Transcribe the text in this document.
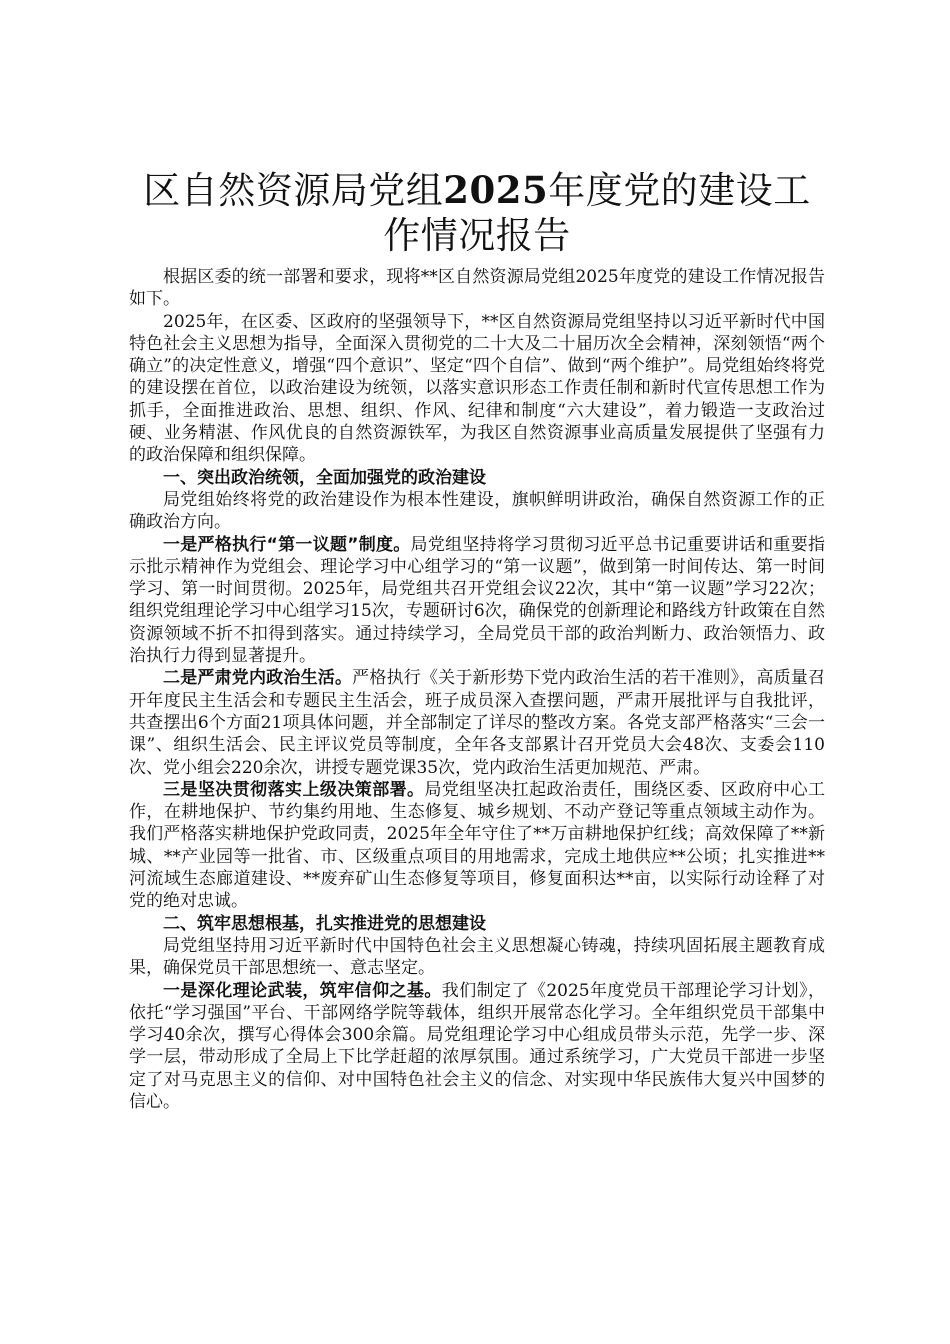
区自然资源局党组2025年度党的建设工作情况报告

根据区委的统一部署和要求，现将**区自然资源局党组2025年度党的建设工作情况报告如下。

2025年，在区委、区政府的坚强领导下，**区自然资源局党组坚持以习近平新时代中国特色社会主义思想为指导，全面深入贯彻党的二十大及二十届历次全会精神，深刻领悟“两个确立”的决定性意义，增强“四个意识”、坚定“四个自信”、做到“两个维护”。局党组始终将党的建设摆在首位，以政治建设为统领，以落实意识形态工作责任制和新时代宣传思想工作为抓手，全面推进政治、思想、组织、作风、纪律和制度“六大建设”，着力锻造一支政治过硬、业务精湛、作风优良的自然资源铁军，为我区自然资源事业高质量发展提供了坚强有力的政治保障和组织保障。

一、突出政治统领，全面加强党的政治建设

局党组始终将党的政治建设作为根本性建设，旗帜鲜明讲政治，确保自然资源工作的正确政治方向。

一是严格执行“第一议题”制度。局党组坚持将学习贯彻习近平总书记重要讲话和重要指示批示精神作为党组会、理论学习中心组学习的“第一议题”，做到第一时间传达、第一时间学习、第一时间贯彻。2025年，局党组共召开党组会议22次，其中“第一议题”学习22次；组织党组理论学习中心组学习15次，专题研讨6次，确保党的创新理论和路线方针政策在自然资源领域不折不扣得到落实。通过持续学习，全局党员干部的政治判断力、政治领悟力、政治执行力得到显著提升。

二是严肃党内政治生活。严格执行《关于新形势下党内政治生活的若干准则》，高质量召开年度民主生活会和专题民主生活会，班子成员深入查摆问题，严肃开展批评与自我批评，共查摆出6个方面21项具体问题，并全部制定了详尽的整改方案。各党支部严格落实“三会一课”、组织生活会、民主评议党员等制度，全年各支部累计召开党员大会48次、支委会110次、党小组会220余次，讲授专题党课35次，党内政治生活更加规范、严肃。

三是坚决贯彻落实上级决策部署。局党组坚决扛起政治责任，围绕区委、区政府中心工作，在耕地保护、节约集约用地、生态修复、城乡规划、不动产登记等重点领域主动作为。我们严格落实耕地保护党政同责，2025年全年守住了**万亩耕地保护红线；高效保障了**新城、**产业园等一批省、市、区级重点项目的用地需求，完成土地供应**公顷；扎实推进**河流域生态廊道建设、**废弃矿山生态修复等项目，修复面积达**亩，以实际行动诠释了对党的绝对忠诚。

二、筑牢思想根基，扎实推进党的思想建设

局党组坚持用习近平新时代中国特色社会主义思想凝心铸魂，持续巩固拓展主题教育成果，确保党员干部思想统一、意志坚定。

一是深化理论武装，筑牢信仰之基。我们制定了《2025年度党员干部理论学习计划》，依托“学习强国”平台、干部网络学院等载体，组织开展常态化学习。全年组织党员干部集中学习40余次，撰写心得体会300余篇。局党组理论学习中心组成员带头示范，先学一步、深学一层，带动形成了全局上下比学赶超的浓厚氛围。通过系统学习，广大党员干部进一步坚定了对马克思主义的信仰、对中国特色社会主义的信念、对实现中华民族伟大复兴中国梦的信心。
